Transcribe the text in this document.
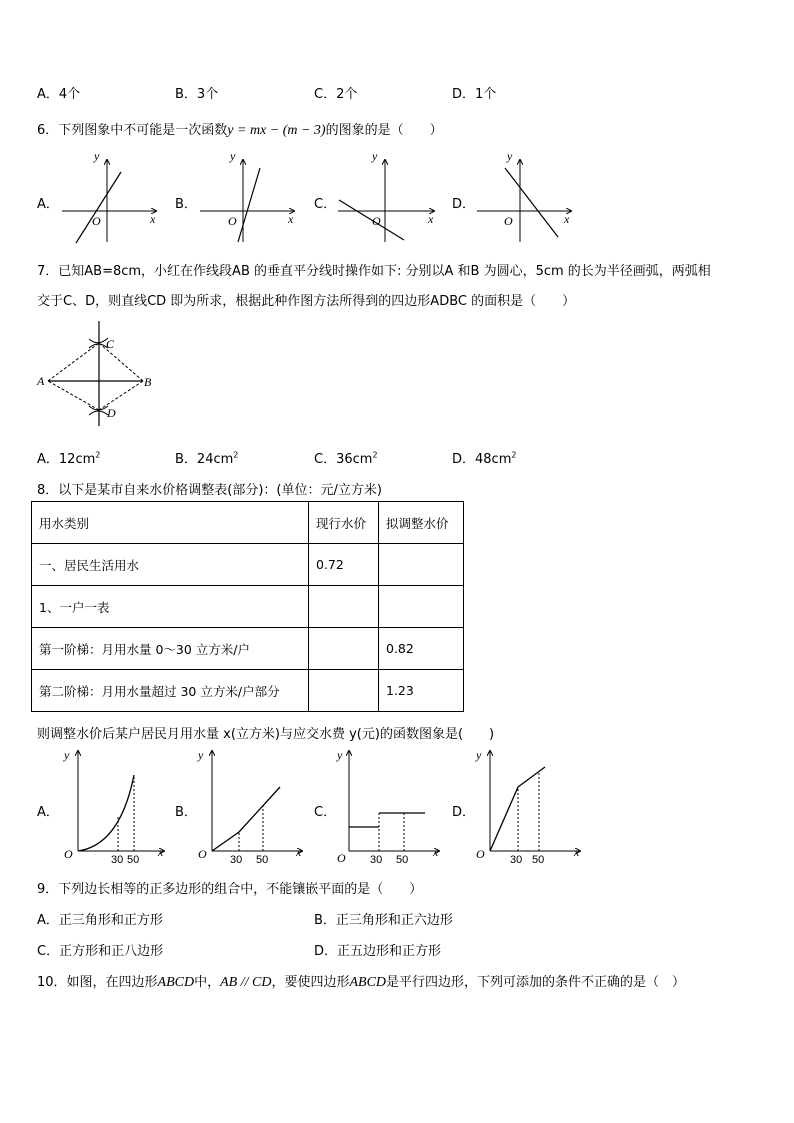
A．4个	B．3个	C．2个	D．1个
6．下列图象中不可能是一次函数y = mx − (m − 3)的图象的是（　　）
A．	B．	C．	D．
y
x
O
y
x
O
y
x
O
y
x
O
7．已知AB=8cm，小红在作线段AB 的垂直平分线时操作如下: 分别以A 和B 为圆心，5cm 的长为半径画弧，两弧相
交于C、D，则直线CD 即为所求，根据此种作图方法所得到的四边形ADBC 的面积是（　　）
A	B
C
D
A．$12cm^2$	B．$24cm^2$	C．$36cm^2$	D．$48cm^2$
8．以下是某市自来水价格调整表(部分)：(单位：元/立方米)
用水类别	现行水价	拟调整水价
一、居民生活用水	0.72	
1、一户一表		
第一阶梯：月用水量 0～30 立方米/户		0.82
第二阶梯：月用水量超过 30 立方米/户部分		1.23
则调整水价后某户居民月用水量 x(立方米)与应交水费 y(元)的函数图象是(　　)
A．	B．	C．	D．
y
x
O	30 50
y
x
O 30 50
y
x
O 30 50
y
x
O 30 50
9．下列边长相等的正多边形的组合中，不能镶嵌平面的是（　　）
A．正三角形和正方形	B．正三角形和正六边形
C．正方形和正八边形	D．正五边形和正方形
10．如图，在四边形ABCD中，AB // CD，要使四边形ABCD是平行四边形，下列可添加的条件不正确的是（　）
